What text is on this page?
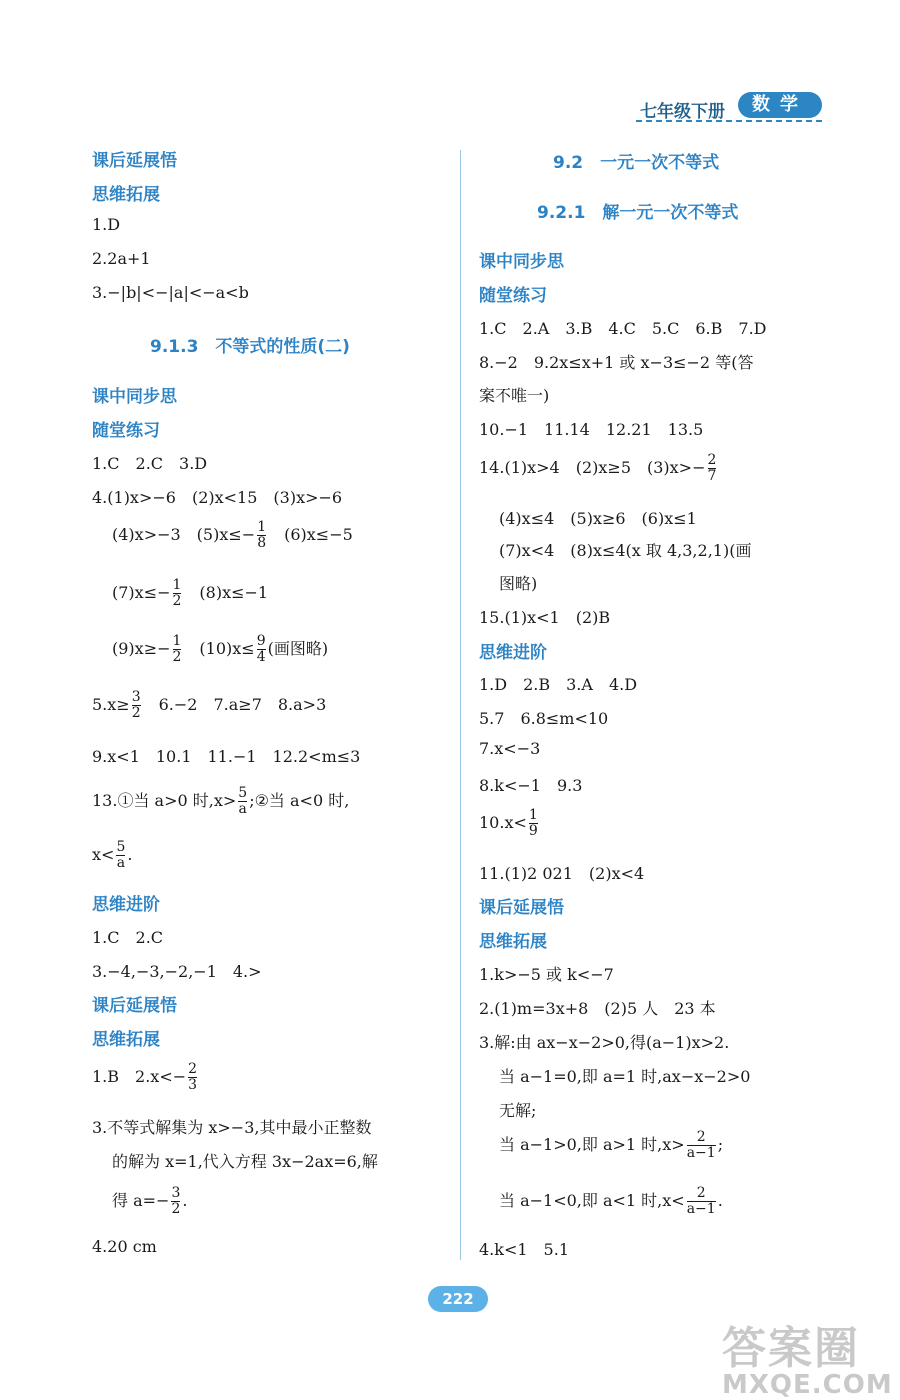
七年级下册	数学
课后延展悟
思维拓展
1.D
2.2a+1
3.−|b|<−|a|<−a<b
9.1.3　不等式的性质(二)
课中同步思
随堂练习
1.C　2.C　3.D
4.(1)x>−6　(2)x<15　(3)x>−6
(4)x>−3　$(5)x\le- \frac{1}{8}$ 　(6)x≤−5
$(7)x\le- \frac{1}{2}$ 　(8)x≤−1
$(9)x\ge- \frac{1}{2}$ 　$(10)x\le \frac{9}{4}$ (画图略)
$5.x\ge \frac{3}{2}$ 　6.−2　7.a≥7　8.a>3
9.x<1　10.1　11.−1　12.2<m≤3
13.①当 a>0 时$,x> \frac{5}{a}$ ;②当 a<0 时,
$x< \frac{5}{a}$ .
思维进阶
1.C　2.C
3.−4,−3,−2,−1　4.>
课后延展悟
思维拓展
1.B　$2.x<- \frac{2}{3}$
3.不等式解集为 x>−3,其中最小正整数
的解为 x=1,代入方程 3x−2ax=6,解
得 $a=- \frac{3}{2}$ .
4.20 cm
9.2　一元一次不等式
9.2.1　解一元一次不等式
课中同步思
随堂练习
1.C　2.A　3.B　4.C　5.C　6.B　7.D
8.−2　9.2x≤x+1 或 x−3≤−2 等(答
案不唯一)
10.−1　11.14　12.21　13.5
14.(1)x>4　(2)x≥5　$(3)x>- \frac{2}{7}$
(4)x≤4　(5)x≥6　(6)x≤1
(7)x<4　(8)x≤4(x 取 4,3,2,1)(画
图略)
15.(1)x<1　(2)B
思维进阶
1.D　2.B　3.A　4.D
5.7　6.8≤m<10
7.x<−3
8.k<−1　9.3
$10.x< \frac{1}{9}$
11.(1)2 021　(2)x<4
课后延展悟
思维拓展
1.k>−5 或 k<−7
2.(1)m=3x+8　(2)5 人　23 本
3.解:由 ax−x−2>0,得(a−1)x>2.
当 a−1=0,即 a=1 时,ax−x−2>0
无解;
当 a−1>0,即 a>1 时$,x> \frac{2}{a-1}$ ;
当 a−1<0,即 a<1 时$,x< \frac{2}{a-1}$ .
4.k<1　5.1
222
答案圈
MXQE.COM
